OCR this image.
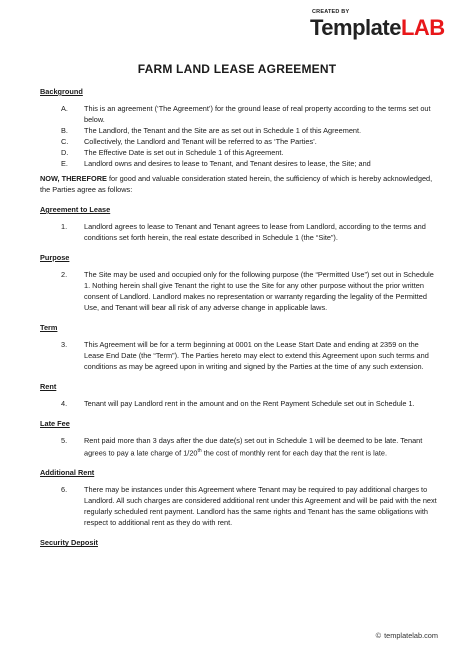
CREATED BY
TemplateLAB
FARM LAND LEASE AGREEMENT
Background
A. This is an agreement (‘The Agreement’) for the ground lease of real property according to the terms set out below.
B. The Landlord, the Tenant and the Site are as set out in Schedule 1 of this Agreement.
C. Collectively, the Landlord and Tenant will be referred to as ‘The Parties’.
D. The Effective Date is set out in Schedule 1 of this Agreement.
E. Landlord owns and desires to lease to Tenant, and Tenant desires to lease, the Site; and
NOW, THEREFORE for good and valuable consideration stated herein, the sufficiency of which is hereby acknowledged, the Parties agree as follows:
Agreement to Lease
1. Landlord agrees to lease to Tenant and Tenant agrees to lease from Landlord, according to the terms and conditions set forth herein, the real estate described in Schedule 1 (the “Site”).
Purpose
2. The Site may be used and occupied only for the following purpose (the “Permitted Use”) set out in Schedule 1. Nothing herein shall give Tenant the right to use the Site for any other purpose without the prior written consent of Landlord. Landlord makes no representation or warranty regarding the legality of the Permitted Use, and Tenant will bear all risk of any adverse change in applicable laws.
Term
3. This Agreement will be for a term beginning at 0001 on the Lease Start Date and ending at 2359 on the Lease End Date (the “Term”). The Parties hereto may elect to extend this Agreement upon such terms and conditions as may be agreed upon in writing and signed by the Parties at the time of any such extension.
Rent
4. Tenant will pay Landlord rent in the amount and on the Rent Payment Schedule set out in Schedule 1.
Late Fee
5. Rent paid more than 3 days after the due date(s) set out in Schedule 1 will be deemed to be late. Tenant agrees to pay a late charge of 1/20th the cost of monthly rent for each day that the rent is late.
Additional Rent
6. There may be instances under this Agreement where Tenant may be required to pay additional charges to Landlord. All such charges are considered additional rent under this Agreement and will be paid with the next regularly scheduled rent payment. Landlord has the same rights and Tenant has the same obligations with respect to additional rent as they do with rent.
Security Deposit
© templatelab.com
